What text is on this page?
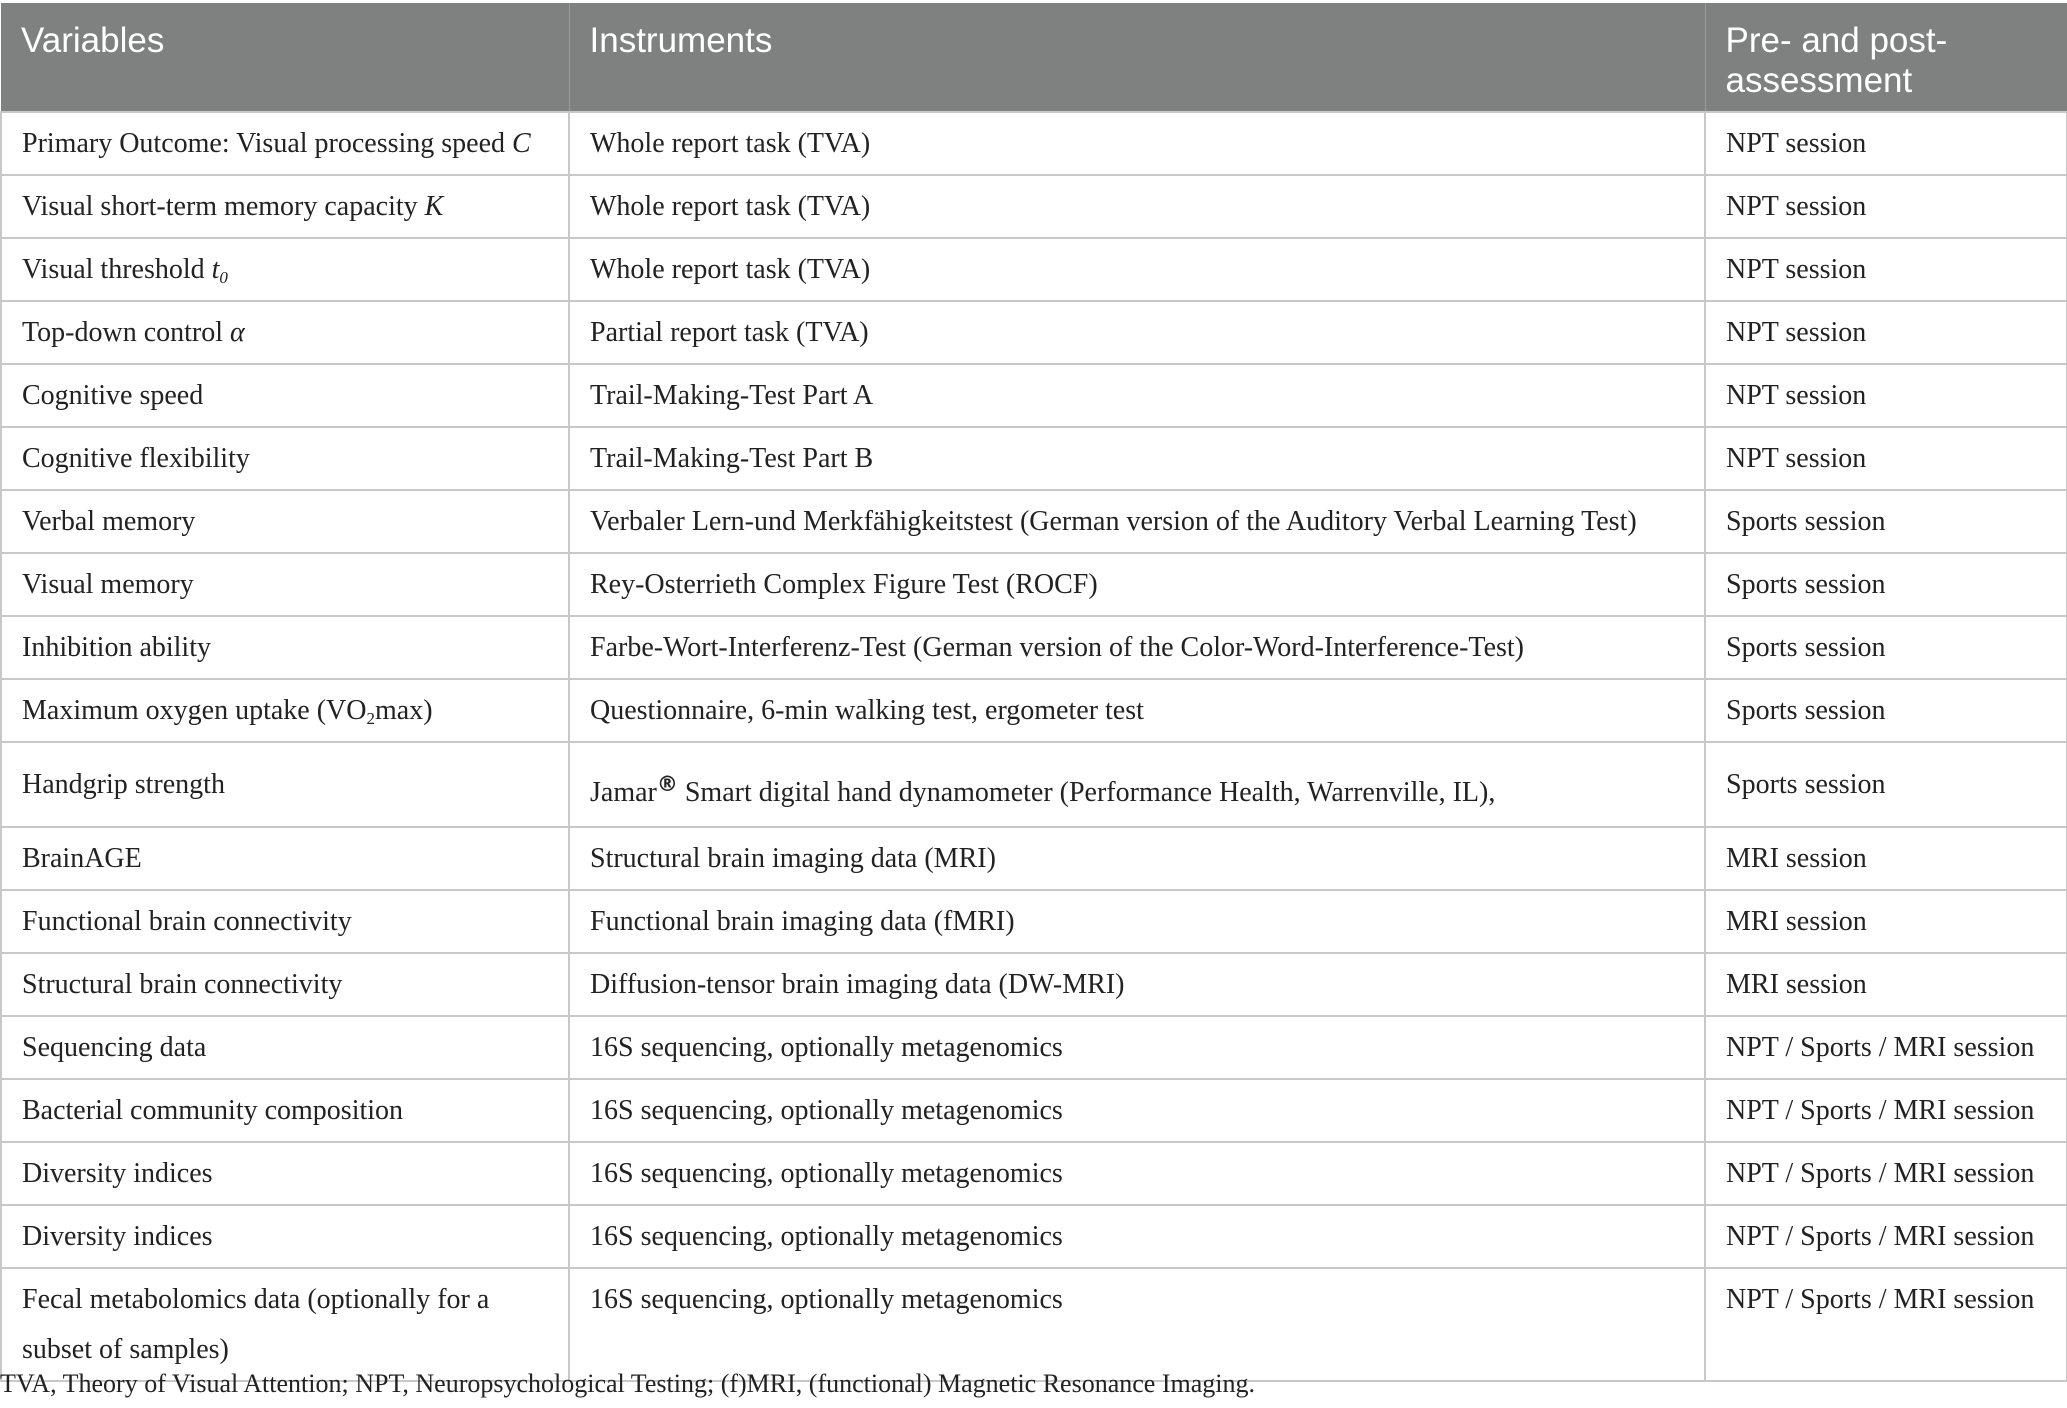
Variables	Instruments	Pre- and post-
assessment
Primary Outcome: Visual processing speed C	Whole report task (TVA)	NPT session
Visual short-term memory capacity K	Whole report task (TVA)	NPT session
Visual threshold $t_0$	Whole report task (TVA)	NPT session
Top-down control α	Partial report task (TVA)	NPT session
Cognitive speed	Trail-Making-Test Part A	NPT session
Cognitive flexibility	Trail-Making-Test Part B	NPT session
Verbal memory	Verbaler Lern-und Merkfähigkeitstest (German version of the Auditory Verbal Learning Test)	Sports session
Visual memory	Rey-Osterrieth Complex Figure Test (ROCF)	Sports session
Inhibition ability	Farbe-Wort-Interferenz-Test (German version of the Color-Word-Interference-Test)	Sports session
Maximum oxygen uptake $(VO_2\max)$	Questionnaire, 6-min walking test, ergometer test	Sports session
Handgrip strength	Jamar® Smart digital hand dynamometer (Performance Health, Warrenville, IL),	Sports session
BrainAGE	Structural brain imaging data (MRI)	MRI session
Functional brain connectivity	Functional brain imaging data (fMRI)	MRI session
Structural brain connectivity	Diffusion-tensor brain imaging data (DW-MRI)	MRI session
Sequencing data	16S sequencing, optionally metagenomics	NPT / Sports / MRI session
Bacterial community composition	16S sequencing, optionally metagenomics	NPT / Sports / MRI session
Diversity indices	16S sequencing, optionally metagenomics	NPT / Sports / MRI session
Diversity indices	16S sequencing, optionally metagenomics	NPT / Sports / MRI session
Fecal metabolomics data (optionally for a
subset of samples)	16S sequencing, optionally metagenomics	NPT / Sports / MRI session
TVA, Theory of Visual Attention; NPT, Neuropsychological Testing; (f)MRI, (functional) Magnetic Resonance Imaging.
